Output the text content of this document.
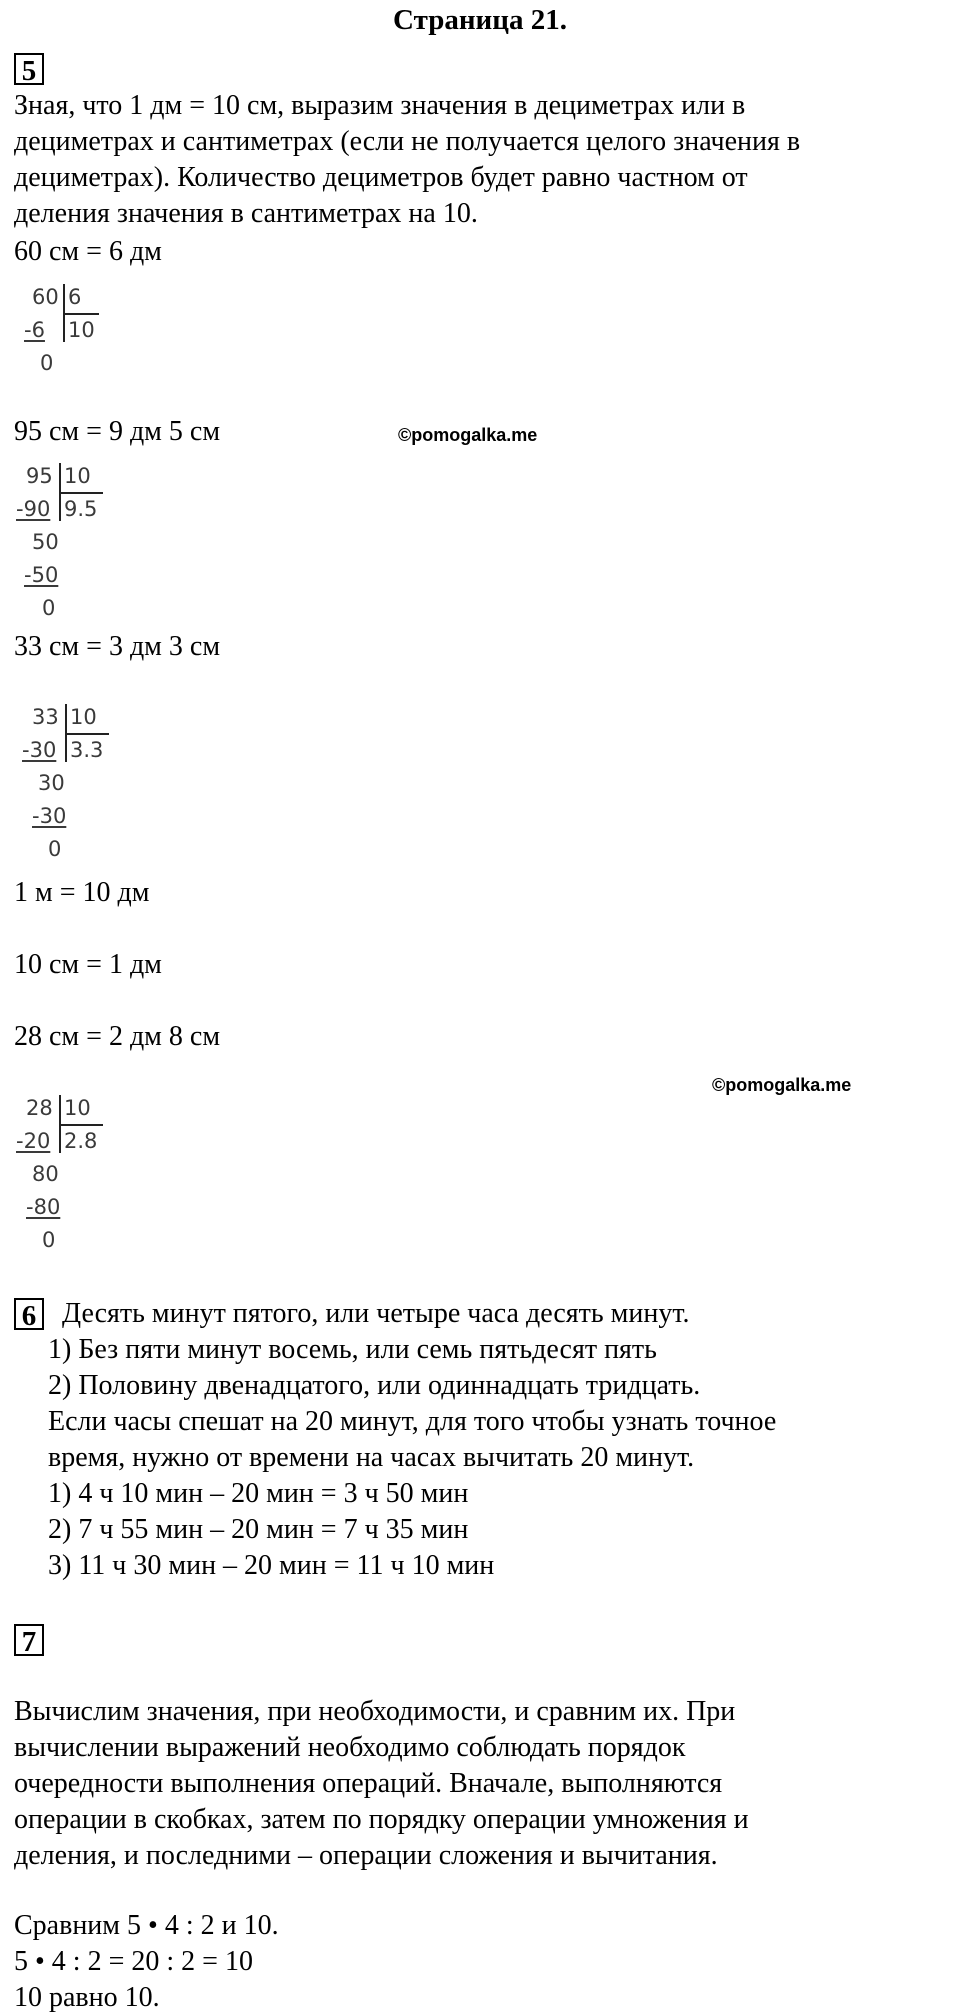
Страница 21.
5
Зная, что 1 дм = 10 см, выразим значения в дециметрах или в
дециметрах и сантиметрах (если не получается целого значения в
дециметрах). Количество дециметров будет равно частном от
деления значения в сантиметрах на 10.
60 см = 6 дм
60 6
-6 10
0
95 см = 9 дм 5 см	©pomogalka.me
95 10
-90 9.5
50
-50
0
33 см = 3 дм 3 см
33 10
-30 3.3
30
-30
0
1 м = 10 дм
10 см = 1 дм
28 см = 2 дм 8 см
©pomogalka.me
28 10
-20 2.8
80
-80
0
6 Десять минут пятого, или четыре часа десять минут.
1) Без пяти минут восемь, или семь пятьдесят пять
2) Половину двенадцатого, или одиннадцать тридцать.
Если часы спешат на 20 минут, для того чтобы узнать точное
время, нужно от времени на часах вычитать 20 минут.
1) 4 ч 10 мин – 20 мин = 3 ч 50 мин
2) 7 ч 55 мин – 20 мин = 7 ч 35 мин
3) 11 ч 30 мин – 20 мин = 11 ч 10 мин
7
Вычислим значения, при необходимости, и сравним их. При
вычислении выражений необходимо соблюдать порядок
очередности выполнения операций. Вначале, выполняются
операции в скобках, затем по порядку операции умножения и
деления, и последними – операции сложения и вычитания.
Сравним 5 • 4 : 2 и 10.
5 • 4 : 2 = 20 : 2 = 10
10 равно 10.
